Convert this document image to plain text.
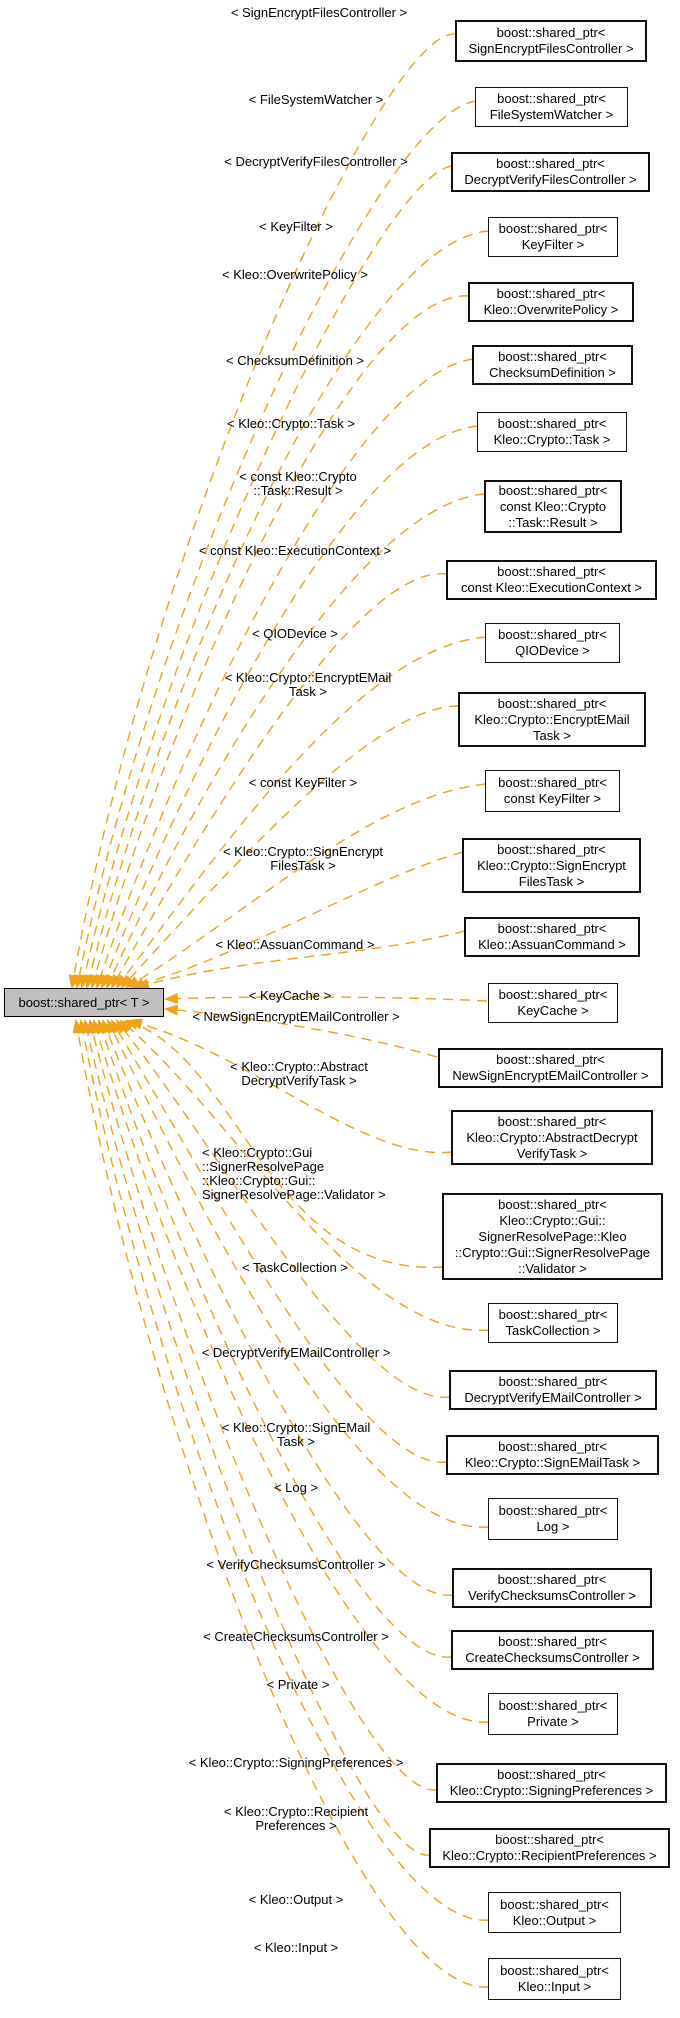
boost::shared_ptr< T >
< SignEncryptFilesController >
boost::shared_ptr<
SignEncryptFilesController >
< FileSystemWatcher >	boost::shared_ptr<
FileSystemWatcher >
< DecryptVerifyFilesController >	boost::shared_ptr<
DecryptVerifyFilesController >
< KeyFilter >	boost::shared_ptr<
KeyFilter >
< Kleo::OverwritePolicy >
boost::shared_ptr<
Kleo::OverwritePolicy >
< ChecksumDefinition >	boost::shared_ptr<
ChecksumDefinition >
< Kleo::Crypto::Task >	boost::shared_ptr<
Kleo::Crypto::Task >
< const Kleo::Crypto
::Task::Result >	boost::shared_ptr<
const Kleo::Crypto
::Task::Result >
< const Kleo::ExecutionContext >
boost::shared_ptr<
const Kleo::ExecutionContext >
< QIODevice >	boost::shared_ptr<
QIODevice >
< Kleo::Crypto::EncryptEMail
Task >
boost::shared_ptr<
Kleo::Crypto::EncryptEMail
Task >
< const KeyFilter >	boost::shared_ptr<
const KeyFilter >
< Kleo::Crypto::SignEncrypt
FilesTask >
boost::shared_ptr<
Kleo::Crypto::SignEncrypt
FilesTask >
< Kleo::AssuanCommand >
boost::shared_ptr<
Kleo::AssuanCommand >
< KeyCache >	boost::shared_ptr<
KeyCache >
< NewSignEncryptEMailController >
boost::shared_ptr<
NewSignEncryptEMailController >
< Kleo::Crypto::Abstract
DecryptVerifyTask >
boost::shared_ptr<
Kleo::Crypto::AbstractDecrypt
VerifyTask >
< Kleo::Crypto::Gui
::SignerResolvePage
::Kleo::Crypto::Gui::
SignerResolvePage::Validator >
boost::shared_ptr<
Kleo::Crypto::Gui::
SignerResolvePage::Kleo
::Crypto::Gui::SignerResolvePage
::Validator >
< TaskCollection >
boost::shared_ptr<
TaskCollection >
< DecryptVerifyEMailController >
boost::shared_ptr<
DecryptVerifyEMailController >
< Kleo::Crypto::SignEMail
Task >	boost::shared_ptr<
Kleo::Crypto::SignEMailTask >
< Log >
boost::shared_ptr<
Log >
< VerifyChecksumsController >
boost::shared_ptr<
VerifyChecksumsController >
< CreateChecksumsController >	boost::shared_ptr<
CreateChecksumsController >
< Private >
boost::shared_ptr<
Private >
< Kleo::Crypto::SigningPreferences >
boost::shared_ptr<
Kleo::Crypto::SigningPreferences >
< Kleo::Crypto::Recipient
Preferences >
boost::shared_ptr<
Kleo::Crypto::RecipientPreferences >
< Kleo::Output >	boost::shared_ptr<
Kleo::Output >
< Kleo::Input >
boost::shared_ptr<
Kleo::Input >
